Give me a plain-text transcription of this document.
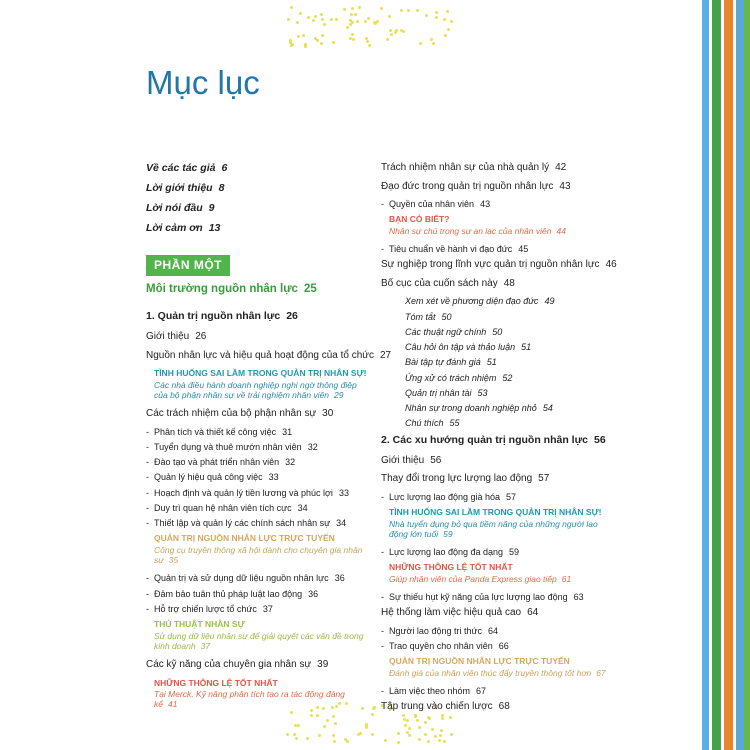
Mục lục
Về các tác giả 6
Lời giới thiệu 8
Lời nói đầu 9
Lời cảm ơn 13
PHẦN MỘT
Môi trường nguồn nhân lực 25
1. Quản trị nguồn nhân lực 26
Giới thiệu 26
Nguồn nhân lực và hiệu quả hoạt động của tổ chức 27
TÌNH HUỐNG SAI LẦM TRONG QUẢN TRỊ NHÂN SỰ!
Các nhà điều hành doanh nghiệp nghi ngờ thông điệp của bộ phận nhân sự về trải nghiệm nhân viên 29
Các trách nhiệm của bộ phận nhân sự 30
- Phân tích và thiết kế công việc 31
- Tuyển dụng và thuê mướn nhân viên 32
- Đào tạo và phát triển nhân viên 32
- Quản lý hiệu quả công việc 33
- Hoạch định và quản lý tiền lương và phúc lợi 33
- Duy trì quan hệ nhân viên tích cực 34
- Thiết lập và quản lý các chính sách nhân sự 34
QUẢN TRỊ NGUỒN NHÂN LỰC TRỰC TUYẾN
Công cụ truyền thông xã hội dành cho chuyên gia nhân sự 35
- Quản trị và sử dụng dữ liệu nguồn nhân lực 36
- Đảm bảo tuân thủ pháp luật lao động 36
- Hỗ trợ chiến lược tổ chức 37
THỦ THUẬT NHÂN SỰ
Sử dụng dữ liệu nhân sự để giải quyết các vấn đề trong kinh doanh 37
Các kỹ năng của chuyên gia nhân sự 39
NHỮNG THÔNG LỆ TỐT NHẤT
Tại Merck, Kỹ năng phân tích tạo ra tác động đáng kể 41
Trách nhiệm nhân sự của nhà quản lý 42
Đạo đức trong quản trị nguồn nhân lực 43
- Quyền của nhân viên 43
BẠN CÓ BIẾT?
Nhân sự chú trọng sự an lạc của nhân viên 44
- Tiêu chuẩn về hành vi đạo đức 45
Sự nghiệp trong lĩnh vực quản trị nguồn nhân lực 46
Bố cục của cuốn sách này 48
Xem xét về phương diện đạo đức 49
Tóm tắt 50
Các thuật ngữ chính 50
Câu hỏi ôn tập và thảo luận 51
Bài tập tự đánh giá 51
Ứng xử có trách nhiệm 52
Quản trị nhân tài 53
Nhân sự trong doanh nghiệp nhỏ 54
Chú thích 55
2. Các xu hướng quản trị nguồn nhân lực 56
Giới thiệu 56
Thay đổi trong lực lượng lao động 57
- Lực lượng lao động già hóa 57
TÌNH HUỐNG SAI LẦM TRONG QUẢN TRỊ NHÂN SỰ!
Nhà tuyển dụng bỏ qua tiềm năng của những người lao động lớn tuổi 59
- Lực lượng lao động đa dạng 59
NHỮNG THÔNG LỆ TỐT NHẤT
Giúp nhân viên của Panda Express giao tiếp 61
- Sự thiếu hụt kỹ năng của lực lượng lao động 63
Hệ thống làm việc hiệu quả cao 64
- Người lao động tri thức 64
- Trao quyền cho nhân viên 66
QUẢN TRỊ NGUỒN NHÂN LỰC TRỰC TUYẾN
Đánh giá của nhân viên thúc đẩy truyền thông tốt hơn 67
- Làm việc theo nhóm 67
Tập trung vào chiến lược 68
